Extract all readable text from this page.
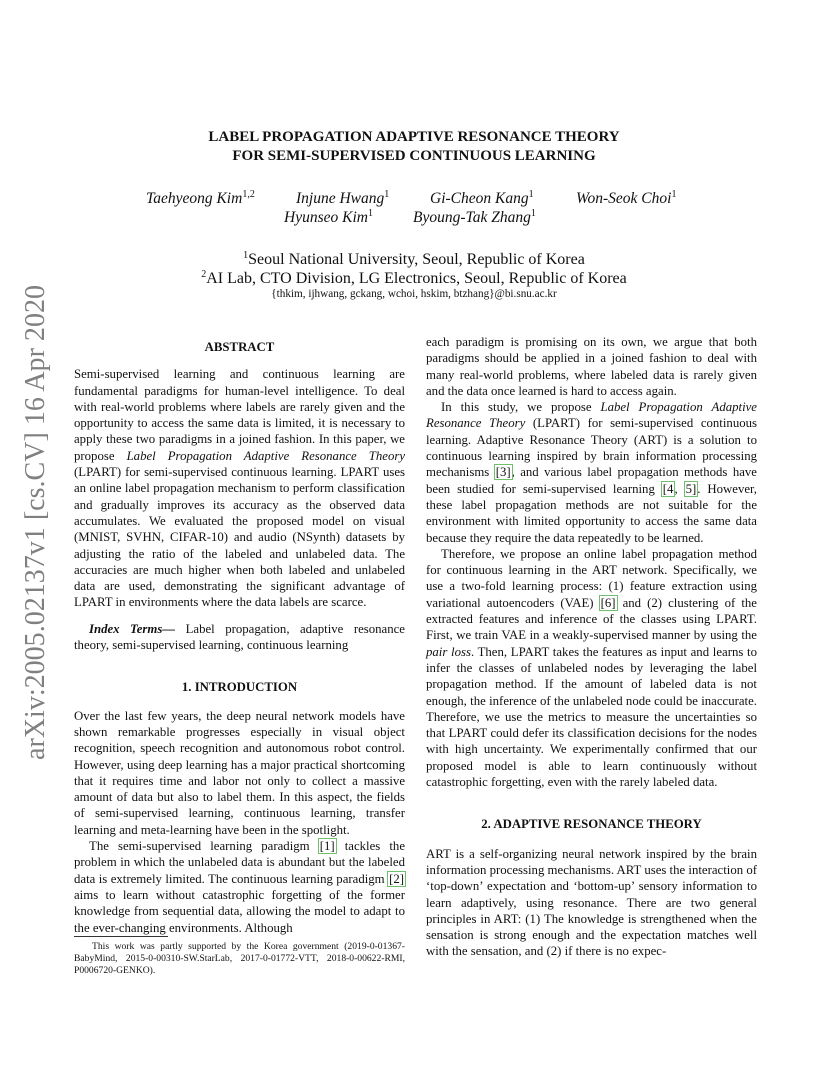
arXiv:2005.02137v1 [cs.CV] 16 Apr 2020
LABEL PROPAGATION ADAPTIVE RESONANCE THEORY
FOR SEMI-SUPERVISED CONTINUOUS LEARNING
Taehyeong Kim$^{1,2}$	Injune Hwang$^1$	Gi-Cheon Kang$^1$	Won-Seok Choi$^1$
Hyunseo Kim$^1$	Byoung-Tak Zhang$^1$
$^1$Seoul National University, Seoul, Republic of Korea
$^2$AI Lab, CTO Division, LG Electronics, Seoul, Republic of Korea
{thkim, ijhwang, gckang, wchoi, hskim, btzhang}@bi.snu.ac.kr

ABSTRACT

Semi-supervised learning and continuous learning are fundamental paradigms for human-level intelligence. To deal with real-world problems where labels are rarely given and the opportunity to access the same data is limited, it is necessary to apply these two paradigms in a joined fashion. In this paper, we propose Label Propagation Adaptive Resonance Theory (LPART) for semi-supervised continuous learning. LPART uses an online label propagation mechanism to perform classification and gradually improves its accuracy as the observed data accumulates. We evaluated the proposed model on visual (MNIST, SVHN, CIFAR-10) and audio (NSynth) datasets by adjusting the ratio of the labeled and unlabeled data. The accuracies are much higher when both labeled and unlabeled data are used, demonstrating the significant advantage of LPART in environments where the data labels are scarce.

Index Terms— Label propagation, adaptive resonance theory, semi-supervised learning, continuous learning

1. INTRODUCTION

Over the last few years, the deep neural network models have shown remarkable progresses especially in visual object recognition, speech recognition and autonomous robot control. However, using deep learning has a major practical shortcoming that it requires time and labor not only to collect a massive amount of data but also to label them. In this aspect, the fields of semi-supervised learning, continuous learning, transfer learning and meta-learning have been in the spotlight.

The semi-supervised learning paradigm [1] tackles the problem in which the unlabeled data is abundant but the labeled data is extremely limited. The continuous learning paradigm [2] aims to learn without catastrophic forgetting of the former knowledge from sequential data, allowing the model to adapt to the ever-changing environments. Although

This work was partly supported by the Korea government (2019-0-01367-BabyMind, 2015-0-00310-SW.StarLab, 2017-0-01772-VTT, 2018-0-00622-RMI, P0006720-GENKO).

each paradigm is promising on its own, we argue that both paradigms should be applied in a joined fashion to deal with many real-world problems, where labeled data is rarely given and the data once learned is hard to access again.

In this study, we propose Label Propagation Adaptive Resonance Theory (LPART) for semi-supervised continuous learning. Adaptive Resonance Theory (ART) is a solution to continuous learning inspired by brain information processing mechanisms [3], and various label propagation methods have been studied for semi-supervised learning [4, 5]. However, these label propagation methods are not suitable for the environment with limited opportunity to access the same data because they require the data repeatedly to be learned.

Therefore, we propose an online label propagation method for continuous learning in the ART network. Specifically, we use a two-fold learning process: (1) feature extraction using variational autoencoders (VAE) [6] and (2) clustering of the extracted features and inference of the classes using LPART. First, we train VAE in a weakly-supervised manner by using the pair loss. Then, LPART takes the features as input and learns to infer the classes of unlabeled nodes by leveraging the label propagation method. If the amount of labeled data is not enough, the inference of the unlabeled node could be inaccurate. Therefore, we use the metrics to measure the uncertainties so that LPART could defer its classification decisions for the nodes with high uncertainty. We experimentally confirmed that our proposed model is able to learn continuously without catastrophic forgetting, even with the rarely labeled data.

2. ADAPTIVE RESONANCE THEORY

ART is a self-organizing neural network inspired by the brain information processing mechanisms. ART uses the interaction of ‘top-down’ expectation and ‘bottom-up’ sensory information to learn adaptively, using resonance. There are two general principles in ART: (1) The knowledge is strengthened when the sensation is strong enough and the expectation matches well with the sensation, and (2) if there is no expec-
